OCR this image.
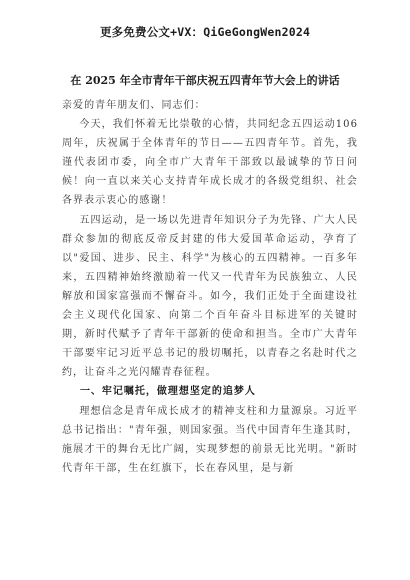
更多免费公文+VX：QiGeGongWen2024
在 2025 年全市青年干部庆祝五四青年节大会上的讲话

亲爱的青年朋友们、同志们：

今天，我们怀着无比崇敬的心情，共同纪念五四运动106周年，庆祝属于全体青年的节日——五四青年节。首先，我谨代表团市委，向全市广大青年干部致以最诚挚的节日问候！向一直以来关心支持青年成长成才的各级党组织、社会各界表示衷心的感谢！

五四运动，是一场以先进青年知识分子为先锋、广大人民群众参加的彻底反帝反封建的伟大爱国革命运动，孕育了以"爱国、进步、民主、科学"为核心的五四精神。一百多年来，五四精神始终激励着一代又一代青年为民族独立、人民解放和国家富强而不懈奋斗。如今，我们正处于全面建设社会主义现代化国家、向第二个百年奋斗目标进军的关键时期，新时代赋予了青年干部新的使命和担当。全市广大青年干部要牢记习近平总书记的殷切嘱托，以青春之名赴时代之约，让奋斗之光闪耀青春征程。

一、牢记嘱托，做理想坚定的追梦人

理想信念是青年成长成才的精神支柱和力量源泉。习近平总书记指出："青年强，则国家强。当代中国青年生逢其时，施展才干的舞台无比广阔，实现梦想的前景无比光明。"新时代青年干部，生在红旗下，长在春风里，是与新
